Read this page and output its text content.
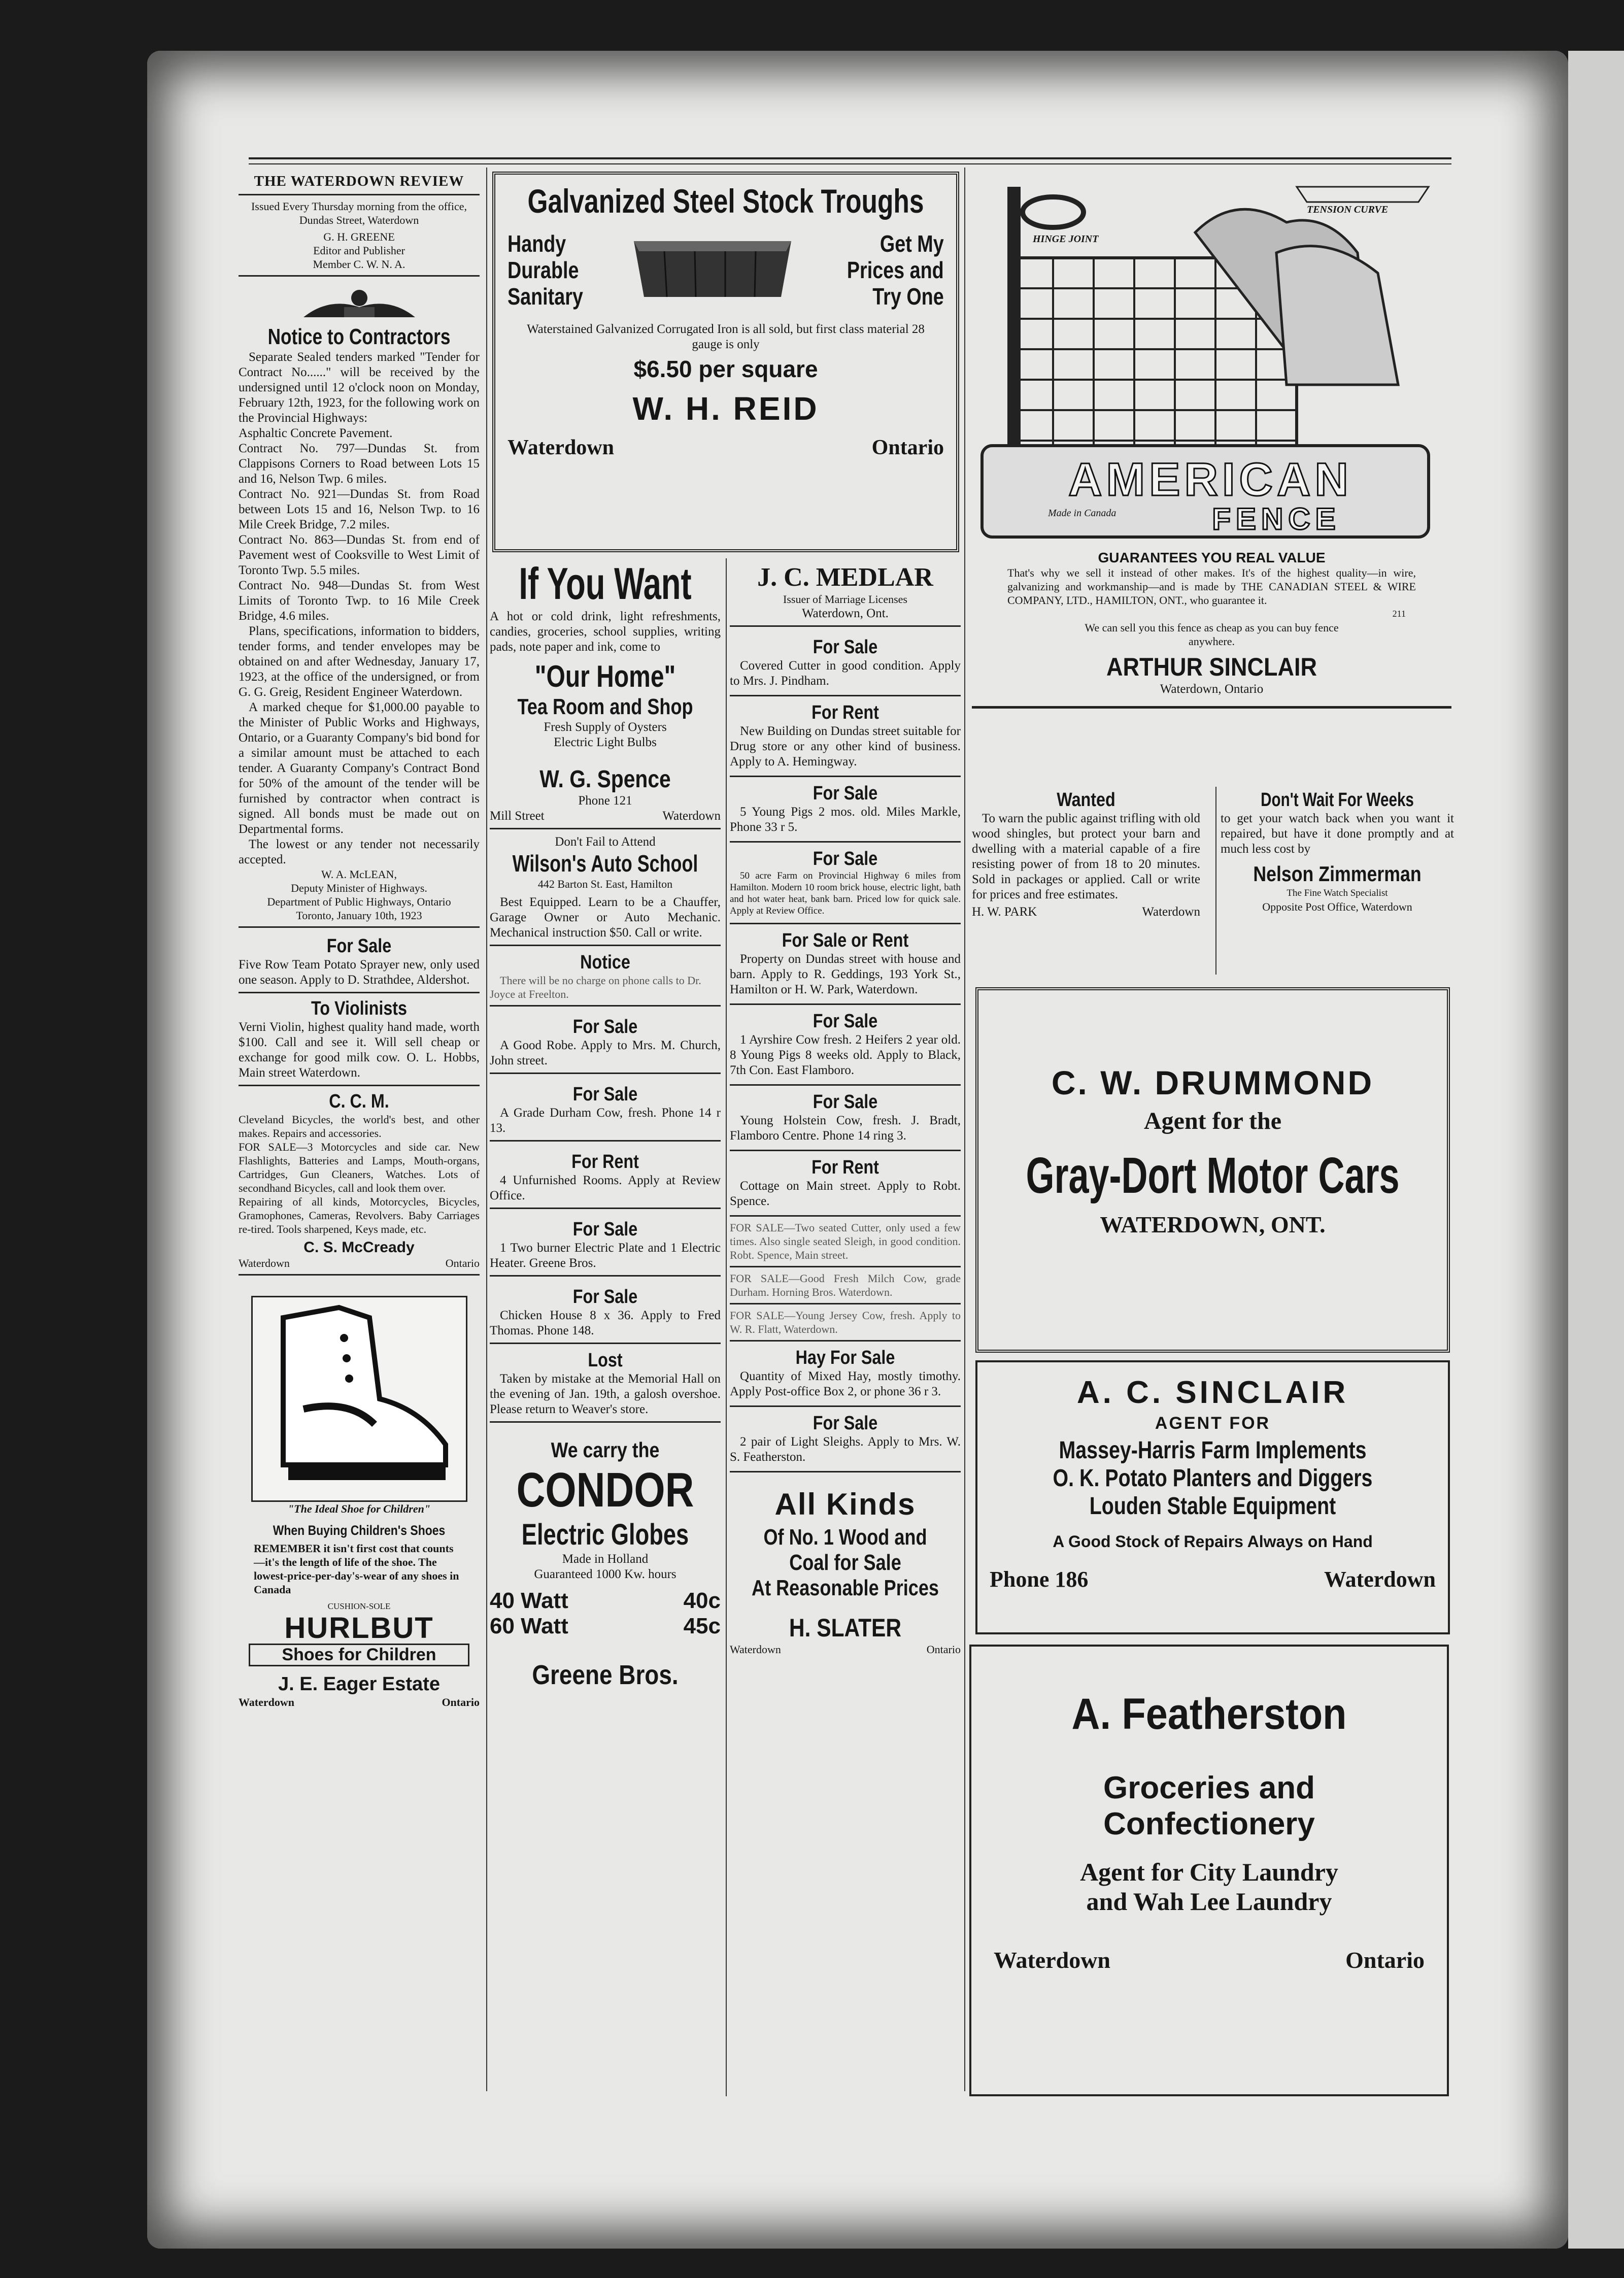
THE WATERDOWN REVIEW
Issued Every Thursday morning from the office, Dundas Street, Waterdown
G. H. GREENE
Editor and Publisher
Member C. W. N. A.
Notice to Contractors
Separate Sealed tenders marked "Tender for Contract No......" will be received by the undersigned until 12 o'clock noon on Monday, February 12th, 1923, for the following work on the Provincial Highways:
Asphaltic Concrete Pavement.
Contract No. 797—Dundas St. from Clappisons Corners to Road between Lots 15 and 16, Nelson Twp. 6 miles.
Contract No. 921—Dundas St. from Road between Lots 15 and 16, Nelson Twp. to 16 Mile Creek Bridge, 7.2 miles.
Contract No. 863—Dundas St. from end of Pavement west of Cooksville to West Limit of Toronto Twp. 5.5 miles.
Contract No. 948—Dundas St. from West Limits of Toronto Twp. to 16 Mile Creek Bridge, 4.6 miles.
Plans, specifications, information to bidders, tender forms, and tender envelopes may be obtained on and after Wednesday, January 17, 1923, at the office of the undersigned, or from G. G. Greig, Resident Engineer Waterdown.
A marked cheque for $1,000.00 payable to the Minister of Public Works and Highways, Ontario, or a Guaranty Company's bid bond for a similar amount must be attached to each tender. A Guaranty Company's Contract Bond for 50% of the amount of the tender will be furnished by contractor when contract is signed. All bonds must be made out on Departmental forms.
The lowest or any tender not necessarily accepted.
W. A. McLEAN,
Deputy Minister of Highways.
Department of Public Highways, Ontario
Toronto, January 10th, 1923
For Sale
Five Row Team Potato Sprayer new, only used one season. Apply to D. Strathdee, Aldershot.
To Violinists
Verni Violin, highest quality hand made, worth $100. Call and see it. Will sell cheap or exchange for good milk cow. O. L. Hobbs, Main street Waterdown.
C. C. M.
Cleveland Bicycles, the world's best, and other makes. Repairs and accessories.
FOR SALE—3 Motorcycles and side car. New Flashlights, Batteries and Lamps, Mouth-organs, Cartridges, Gun Cleaners, Watches. Lots of secondhand Bicycles, call and look them over.
Repairing of all kinds, Motorcycles, Bicycles, Gramophones, Cameras, Revolvers. Baby Carriages re-tired. Tools sharpened, Keys made, etc.
C. S. McCready
Waterdown	Ontario
"The Ideal Shoe for Children"
When Buying Children's Shoes
REMEMBER it isn't first cost that counts—it's the length of life of the shoe. The lowest-price-per-day's-wear of any shoes in Canada
CUSHION-SOLE
HURLBUT
Shoes for Children
J. E. Eager Estate
Waterdown	Ontario
Galvanized Steel Stock Troughs
Handy
Durable
Sanitary
Get My
Prices and
Try One
Waterstained Galvanized Corrugated Iron is all sold, but first class material 28 gauge is only
$6.50 per square
W. H. REID
Waterdown	Ontario
If You Want
A hot or cold drink, light refreshments, candies, groceries, school supplies, writing pads, note paper and ink, come to
"Our Home"
Tea Room and Shop
Fresh Supply of Oysters
Electric Light Bulbs
W. G. Spence
Phone 121
Mill Street	Waterdown
Don't Fail to Attend
Wilson's Auto School
442 Barton St. East, Hamilton
Best Equipped. Learn to be a Chauffer, Garage Owner or Auto Mechanic. Mechanical instruction $50. Call or write.
Notice
There will be no charge on phone calls to Dr. Joyce at Freelton.
For Sale
A Good Robe. Apply to Mrs. M. Church, John street.
For Sale
A Grade Durham Cow, fresh. Phone 14 r 13.
For Rent
4 Unfurnished Rooms. Apply at Review Office.
For Sale
1 Two burner Electric Plate and 1 Electric Heater. Greene Bros.
For Sale
Chicken House 8 x 36. Apply to Fred Thomas. Phone 148.
Lost
Taken by mistake at the Memorial Hall on the evening of Jan. 19th, a galosh overshoe. Please return to Weaver's store.
We carry the
CONDOR
Electric Globes
Made in Holland
Guaranteed 1000 Kw. hours
40 Watt	40c
60 Watt	45c
Greene Bros.
J. C. MEDLAR
Issuer of Marriage Licenses
Waterdown, Ont.
For Sale
Covered Cutter in good condition. Apply to Mrs. J. Pindham.
For Rent
New Building on Dundas street suitable for Drug store or any other kind of business. Apply to A. Hemingway.
For Sale
5 Young Pigs 2 mos. old. Miles Markle, Phone 33 r 5.
For Sale
50 acre Farm on Provincial Highway 6 miles from Hamilton. Modern 10 room brick house, electric light, bath and hot water heat, bank barn. Priced low for quick sale. Apply at Review Office.
For Sale or Rent
Property on Dundas street with house and barn. Apply to R. Geddings, 193 York St., Hamilton or H. W. Park, Waterdown.
For Sale
1 Ayrshire Cow fresh. 2 Heifers 2 year old. 8 Young Pigs 8 weeks old. Apply to Black, 7th Con. East Flamboro.
For Sale
Young Holstein Cow, fresh. J. Bradt, Flamboro Centre. Phone 14 ring 3.
For Rent
Cottage on Main street. Apply to Robt. Spence.
FOR SALE—Two seated Cutter, only used a few times. Also single seated Sleigh, in good condition. Robt. Spence, Main street.
FOR SALE—Good Fresh Milch Cow, grade Durham. Horning Bros. Waterdown.
FOR SALE—Young Jersey Cow, fresh. Apply to W. R. Flatt, Waterdown.
Hay For Sale
Quantity of Mixed Hay, mostly timothy. Apply Post-office Box 2, or phone 36 r 3.
For Sale
2 pair of Light Sleighs. Apply to Mrs. W. S. Featherston.
All Kinds
Of No. 1 Wood and
Coal for Sale
At Reasonable Prices
H. SLATER
Waterdown	Ontario
TENSION CURVE
HINGE JOINT
AMERICAN
FENCE
Made in Canada
GUARANTEES YOU REAL VALUE
That's why we sell it instead of other makes. It's of the highest quality—in wire, galvanizing and workmanship—and is made by THE CANADIAN STEEL & WIRE COMPANY, LTD., HAMILTON, ONT., who guarantee it.
211
We can sell you this fence as cheap as you can buy fence anywhere.
ARTHUR SINCLAIR
Waterdown, Ontario
Wanted
To warn the public against trifling with old wood shingles, but protect your barn and dwelling with a material capable of a fire resisting power of from 18 to 20 minutes. Sold in packages or applied. Call or write for prices and free estimates.
H. W. PARK	Waterdown
Don't Wait For Weeks
to get your watch back when you want it repaired, but have it done promptly and at much less cost by
Nelson Zimmerman
The Fine Watch Specialist
Opposite Post Office, Waterdown
C. W. DRUMMOND
Agent for the
Gray-Dort Motor Cars
WATERDOWN, ONT.
A. C. SINCLAIR
AGENT FOR
Massey-Harris Farm Implements
O. K. Potato Planters and Diggers
Louden Stable Equipment
A Good Stock of Repairs Always on Hand
Phone 186	Waterdown
A. Featherston
Groceries and
Confectionery
Agent for City Laundry
and Wah Lee Laundry
Waterdown	Ontario
